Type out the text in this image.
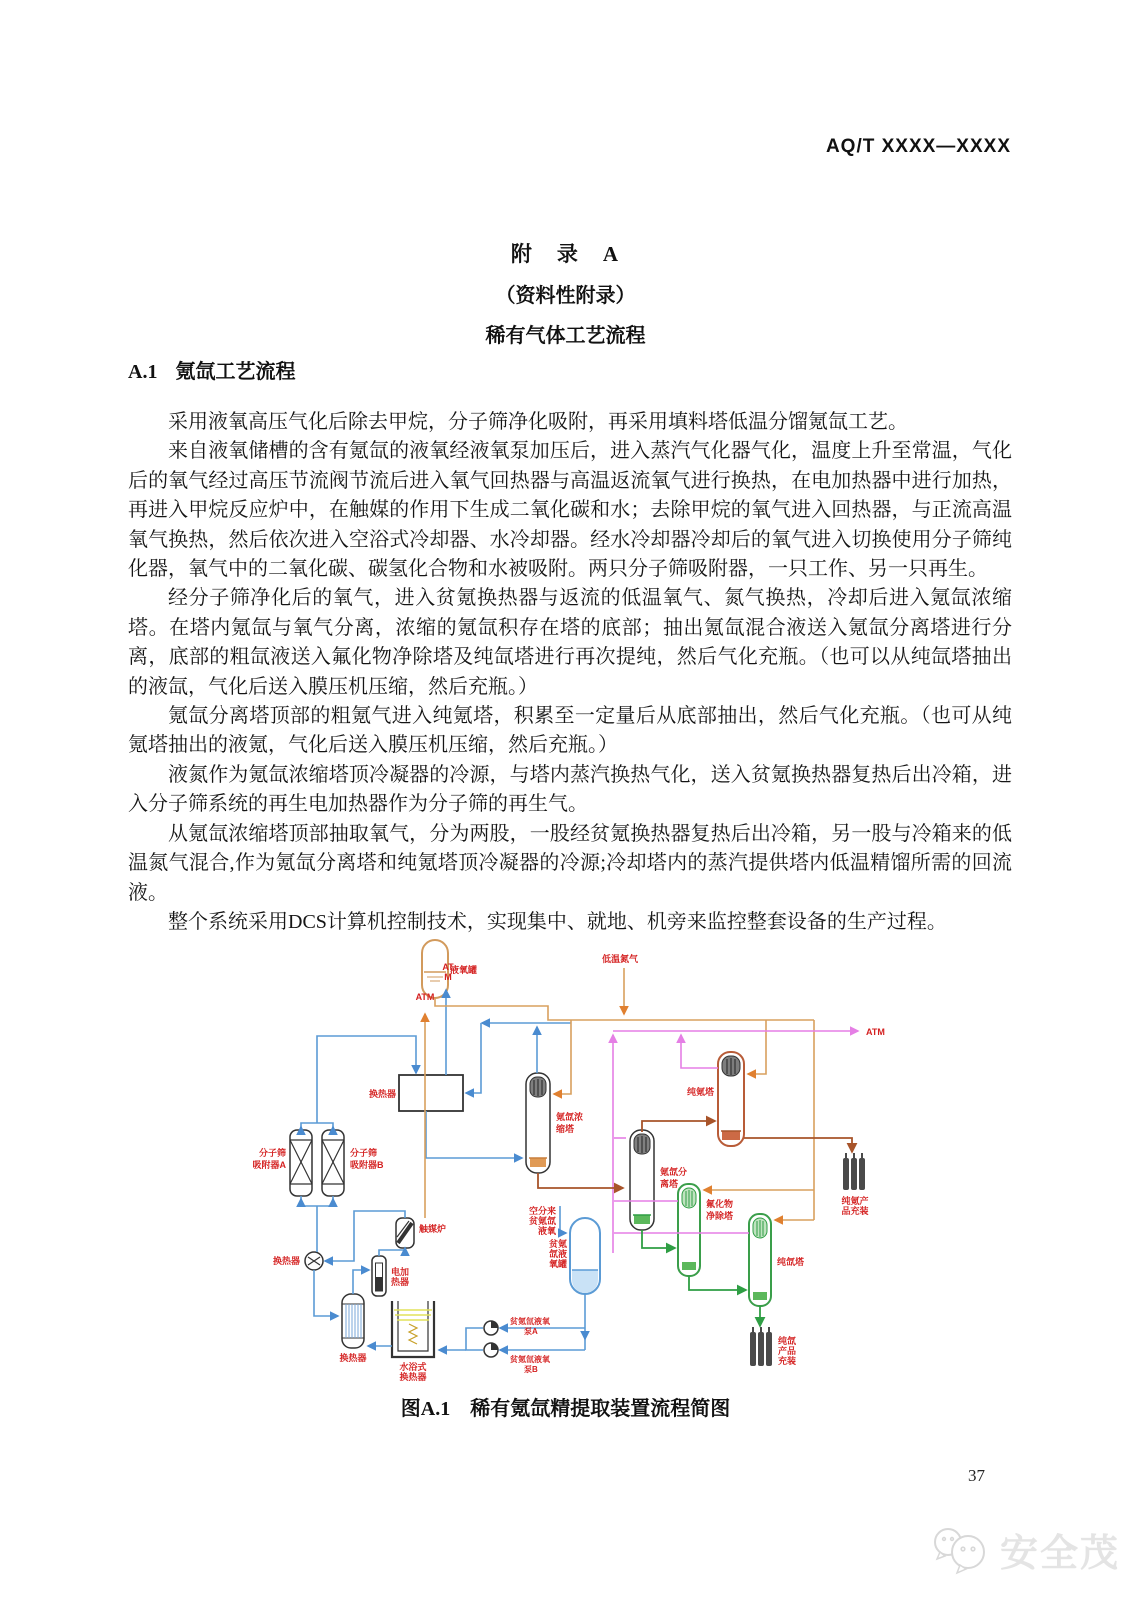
AQ/T XXXX—XXXX
附　录　A
（资料性附录）
稀有气体工艺流程
A.1 氪氙工艺流程

采用液氧高压气化后除去甲烷，分子筛净化吸附，再采用填料塔低温分馏氪氙工艺。

来自液氧储槽的含有氪氙的液氧经液氧泵加压后，进入蒸汽气化器气化，温度上升至常温，气化后的氧气经过高压节流阀节流后进入氧气回热器与高温返流氧气进行换热，在电加热器中进行加热，再进入甲烷反应炉中，在触媒的作用下生成二氧化碳和水；去除甲烷的氧气进入回热器，与正流高温氧气换热，然后依次进入空浴式冷却器、水冷却器。经水冷却器冷却后的氧气进入切换使用分子筛纯化器，氧气中的二氧化碳、碳氢化合物和水被吸附。两只分子筛吸附器，一只工作、另一只再生。

经分子筛净化后的氧气，进入贫氪换热器与返流的低温氧气、氮气换热，冷却后进入氪氙浓缩塔。在塔内氪氙与氧气分离，浓缩的氪氙积存在塔的底部；抽出氪氙混合液送入氪氙分离塔进行分离，底部的粗氙液送入氟化物净除塔及纯氙塔进行再次提纯，然后气化充瓶。（也可以从纯氙塔抽出的液氙，气化后送入膜压机压缩，然后充瓶。）

氪氙分离塔顶部的粗氪气进入纯氪塔，积累至一定量后从底部抽出，然后气化充瓶。（也可从纯氪塔抽出的液氪，气化后送入膜压机压缩，然后充瓶。）

液氮作为氪氙浓缩塔顶冷凝器的冷源，与塔内蒸汽换热气化，送入贫氪换热器复热后出冷箱，进入分子筛系统的再生电加热器作为分子筛的再生气。

从氪氙浓缩塔顶部抽取氧气，分为两股，一股经贫氪换热器复热后出冷箱，另一股与冷箱来的低温氮气混合,作为氪氙分离塔和纯氪塔顶冷凝器的冷源;冷却塔内的蒸汽提供塔内低温精馏所需的回流液。

整个系统采用DCS计算机控制技术，实现集中、就地、机旁来监控整套设备的生产过程。

ATM
AT
M
液氧罐
低温氮气
ATM
换热器
分子筛
吸附器A
分子筛
吸附器B
换热器
触媒炉
电加
热器
换热器
水浴式
换热器
氪氙浓
缩塔
氪氙分
离塔
纯氪塔
氟化物
净除塔
纯氙塔
纯氪产
品充装
纯氙
产品
充装
空分来
贫氪氙
液氧
贫氪
氙液
氧罐
贫氪氙液氧
泵A
贫氪氙液氧
泵B
图A.1　稀有氪氙精提取装置流程简图
37
安全茂
